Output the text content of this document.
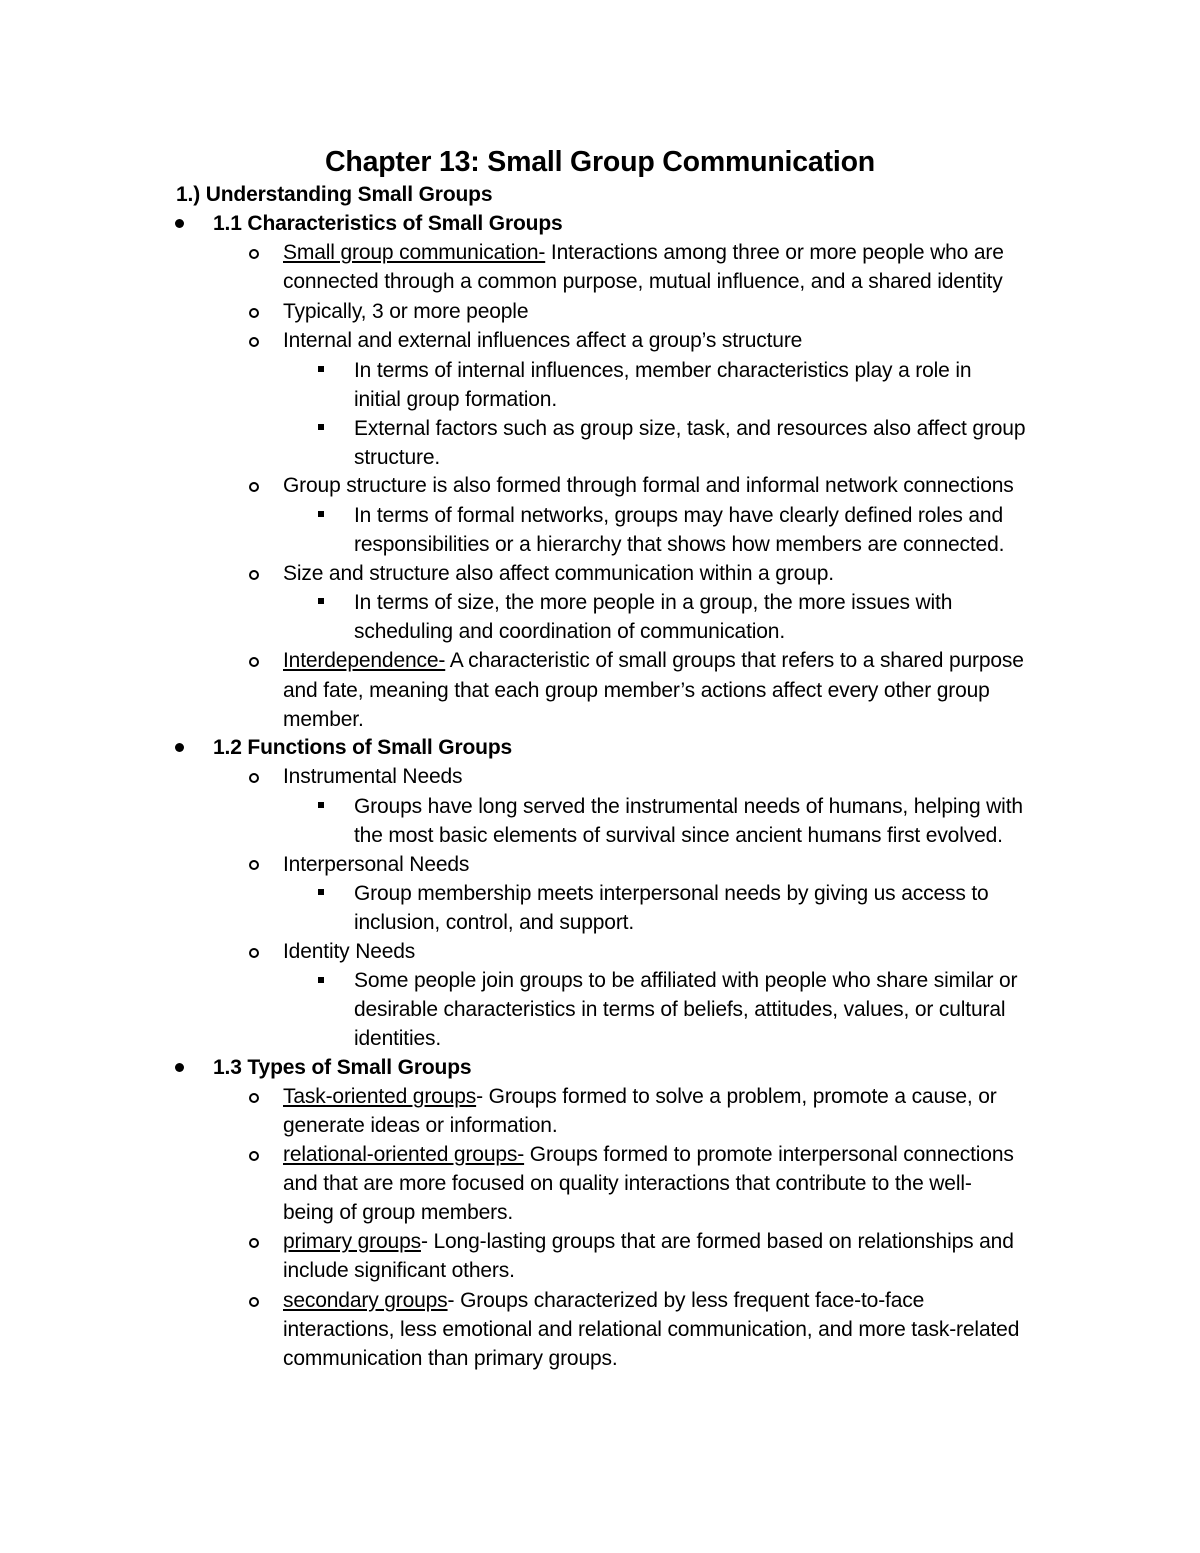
Chapter 13: Small Group Communication
1.) Understanding Small Groups
1.1 Characteristics of Small Groups
Small group communication- Interactions among three or more people who are
connected through a common purpose, mutual influence, and a shared identity
Typically, 3 or more people
Internal and external influences affect a group’s structure
In terms of internal influences, member characteristics play a role in
initial group formation.
External factors such as group size, task, and resources also affect group
structure.
Group structure is also formed through formal and informal network connections
In terms of formal networks, groups may have clearly defined roles and
responsibilities or a hierarchy that shows how members are connected.
Size and structure also affect communication within a group.
In terms of size, the more people in a group, the more issues with
scheduling and coordination of communication.
Interdependence- A characteristic of small groups that refers to a shared purpose
and fate, meaning that each group member’s actions affect every other group
member.
1.2 Functions of Small Groups
Instrumental Needs
Groups have long served the instrumental needs of humans, helping with
the most basic elements of survival since ancient humans first evolved.
Interpersonal Needs
Group membership meets interpersonal needs by giving us access to
inclusion, control, and support.
Identity Needs
Some people join groups to be affiliated with people who share similar or
desirable characteristics in terms of beliefs, attitudes, values, or cultural
identities.
1.3 Types of Small Groups
Task-oriented groups- Groups formed to solve a problem, promote a cause, or
generate ideas or information.
relational-oriented groups- Groups formed to promote interpersonal connections
and that are more focused on quality interactions that contribute to the well-
being of group members.
primary groups- Long-lasting groups that are formed based on relationships and
include significant others.
secondary groups- Groups characterized by less frequent face-to-face
interactions, less emotional and relational communication, and more task-related
communication than primary groups.
